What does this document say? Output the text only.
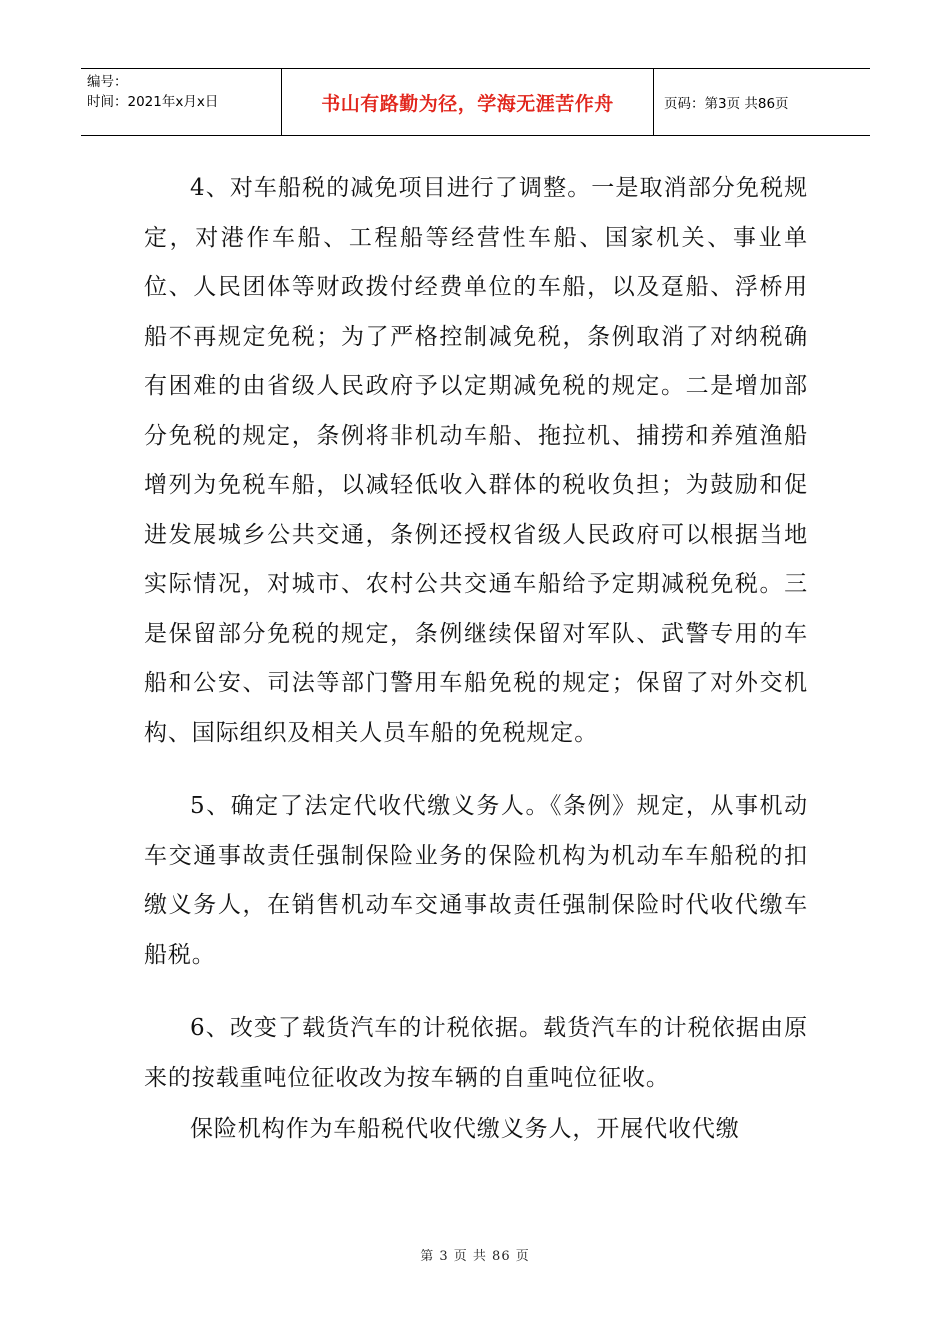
编号：
时间：2021年x月x日	书山有路勤为径，学海无涯苦作舟	页码：第3页 共86页

4、对车船税的减免项目进行了调整。一是取消部分免税规定，对港作车船、工程船等经营性车船、国家机关、事业单位、人民团体等财政拨付经费单位的车船，以及趸船、浮桥用船不再规定免税；为了严格控制减免税，条例取消了对纳税确有困难的由省级人民政府予以定期减免税的规定。二是增加部分免税的规定，条例将非机动车船、拖拉机、捕捞和养殖渔船增列为免税车船，以减轻低收入群体的税收负担；为鼓励和促进发展城乡公共交通，条例还授权省级人民政府可以根据当地实际情况，对城市、农村公共交通车船给予定期减税免税。三是保留部分免税的规定，条例继续保留对军队、武警专用的车船和公安、司法等部门警用车船免税的规定；保留了对外交机构、国际组织及相关人员车船的免税规定。

5、确定了法定代收代缴义务人。《条例》规定，从事机动车交通事故责任强制保险业务的保险机构为机动车车船税的扣缴义务人，在销售机动车交通事故责任强制保险时代收代缴车船税。

6、改变了载货汽车的计税依据。载货汽车的计税依据由原来的按载重吨位征收改为按车辆的自重吨位征收。

保险机构作为车船税代收代缴义务人，开展代收代缴

第 3 页 共 86 页
